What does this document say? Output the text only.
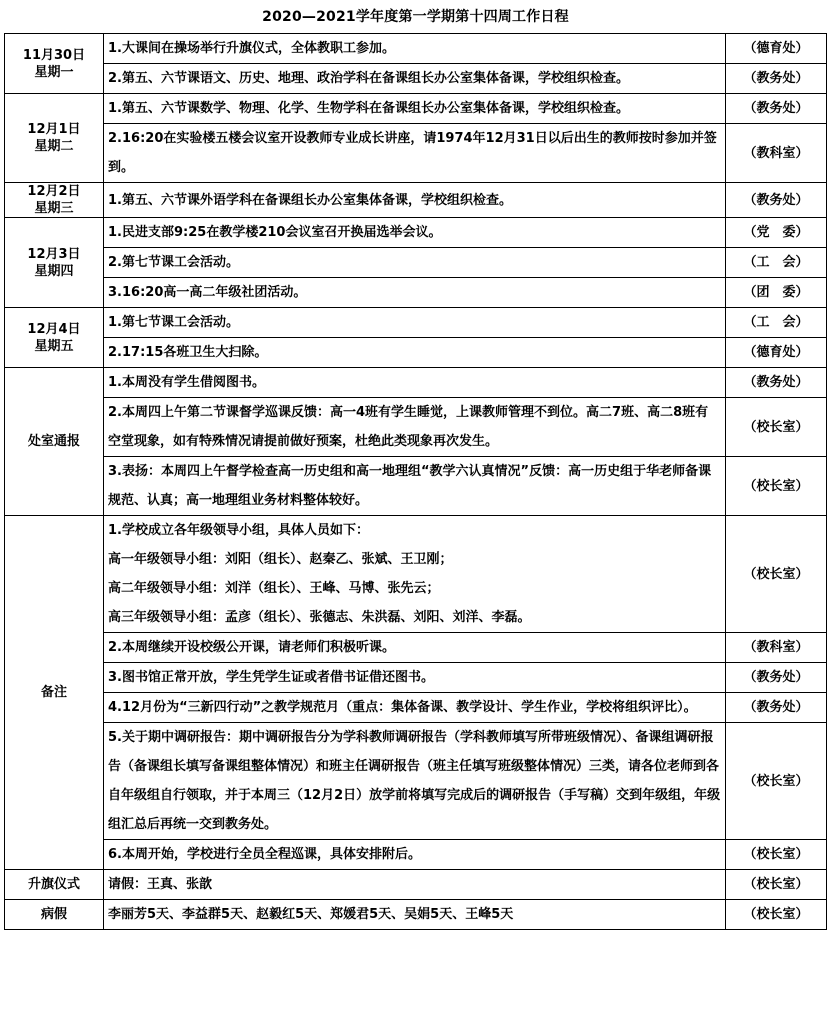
2020—2021学年度第一学期第十四周工作日程
11月30日
星期一	1.大课间在操场举行升旗仪式，全体教职工参加。	（德育处）
	2.第五、六节课语文、历史、地理、政治学科在备课组长办公室集体备课，学校组织检查。	（教务处）

12月1日
星期二	1.第五、六节课数学、物理、化学、生物学科在备课组长办公室集体备课，学校组织检查。	（教务处）
	2.16:20在实验楼五楼会议室开设教师专业成长讲座，请1974年12月31日以后出生的教师按时参加并签到。	（教科室）

12月2日
星期三	1.第五、六节课外语学科在备课组长办公室集体备课，学校组织检查。	（教务处）

12月3日
星期四	1.民进支部9:25在教学楼210会议室召开换届选举会议。	（党　委）
	2.第七节课工会活动。	（工　会）
	3.16:20高一高二年级社团活动。	（团　委）

12月4日
星期五	1.第七节课工会活动。	（工　会）
	2.17:15各班卫生大扫除。	（德育处）

处室通报	1.本周没有学生借阅图书。	（教务处）
	2.本周四上午第二节课督学巡课反馈：高一4班有学生睡觉，上课教师管理不到位。高二7班、高二8班有空堂现象，如有特殊情况请提前做好预案，杜绝此类现象再次发生。	（校长室）
	3.表扬：本周四上午督学检查高一历史组和高一地理组“教学六认真情况”反馈：高一历史组于华老师备课规范、认真；高一地理组业务材料整体较好。	（校长室）

备注	1.学校成立各年级领导小组，具体人员如下：
高一年级领导小组：刘阳（组长）、赵秦乙、张斌、王卫刚；
高二年级领导小组：刘洋（组长）、王峰、马博、张先云；
高三年级领导小组：孟彦（组长）、张德志、朱洪磊、刘阳、刘洋、李磊。	（校长室）
	2.本周继续开设校级公开课，请老师们积极听课。	（教科室）
	3.图书馆正常开放，学生凭学生证或者借书证借还图书。	（教务处）
	4.12月份为“三新四行动”之教学规范月（重点：集体备课、教学设计、学生作业，学校将组织评比）。	（教务处）
	5.关于期中调研报告：期中调研报告分为学科教师调研报告（学科教师填写所带班级情况）、备课组调研报告（备课组长填写备课组整体情况）和班主任调研报告（班主任填写班级整体情况）三类，请各位老师到各自年级组自行领取，并于本周三（12月2日）放学前将填写完成后的调研报告（手写稿）交到年级组，年级组汇总后再统一交到教务处。	（校长室）
	6.本周开始，学校进行全员全程巡课，具体安排附后。	（校长室）

升旗仪式	请假：王真、张歆	（校长室）

病假	李丽芳5天、李益群5天、赵毅红5天、郑媛君5天、吴娟5天、王峰5天	（校长室）
